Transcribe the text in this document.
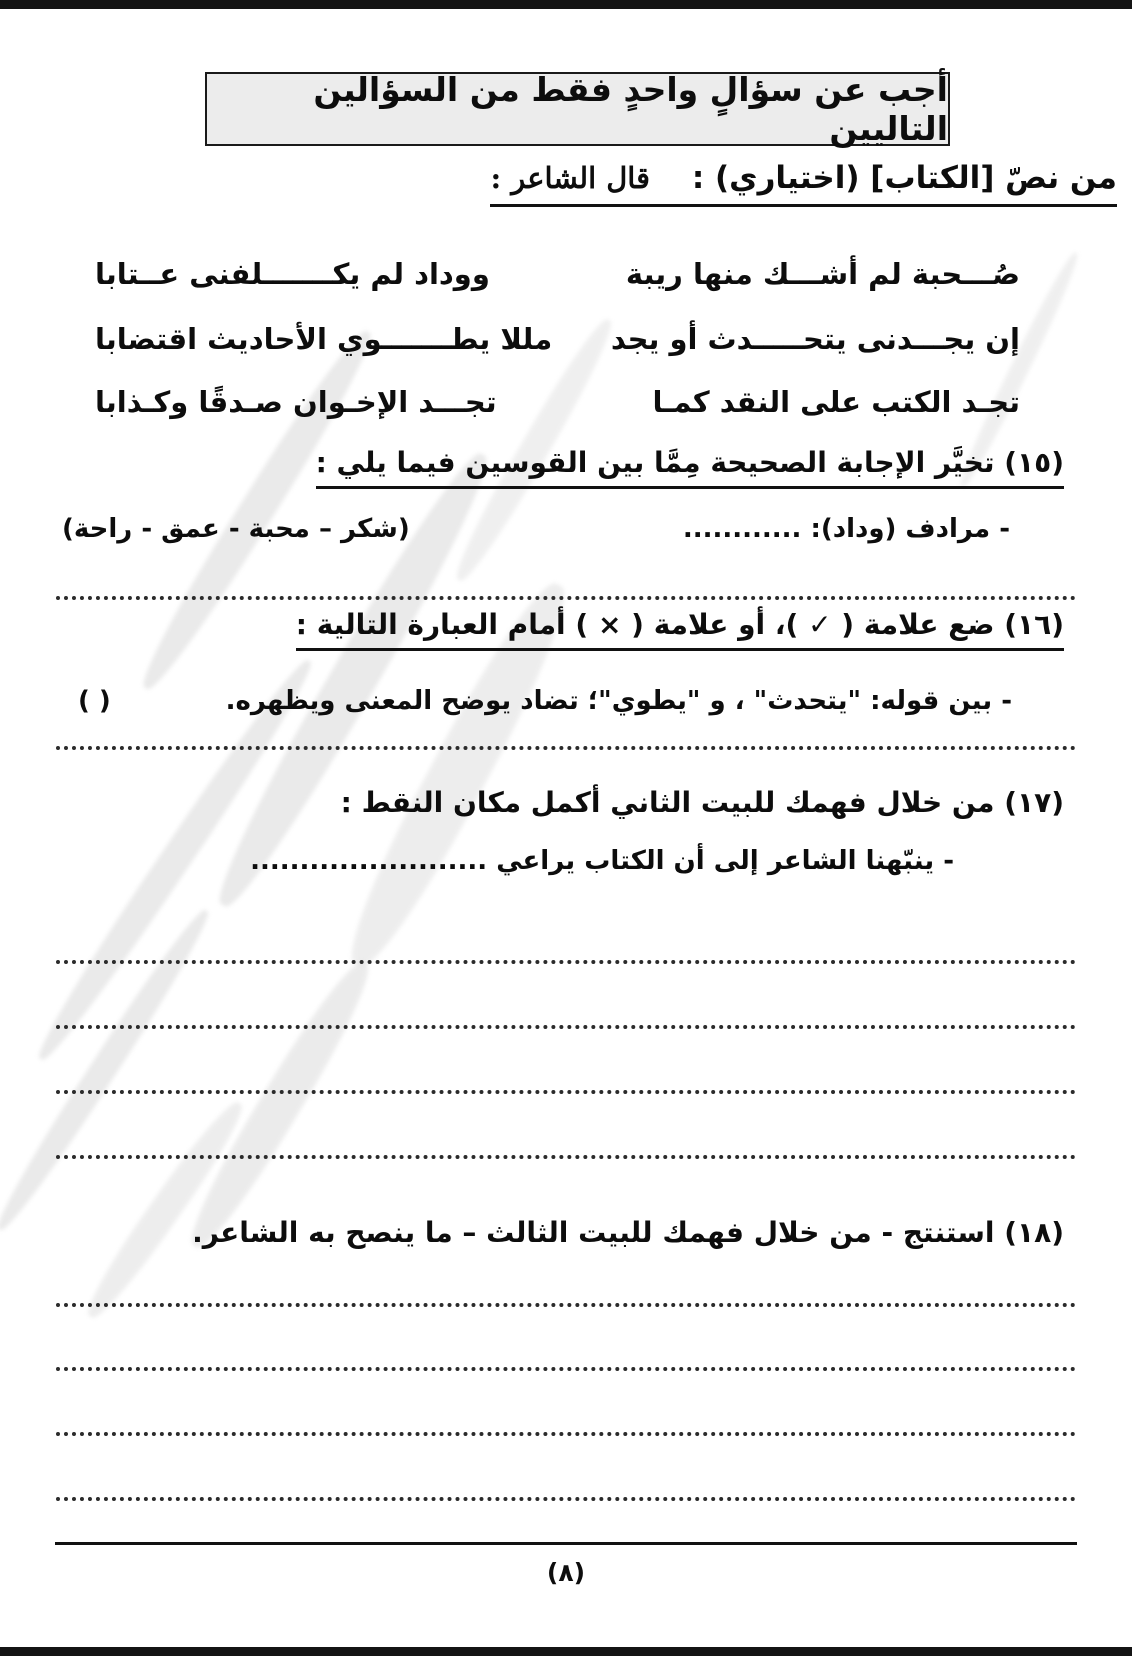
أجب عن سؤالٍ واحدٍ فقط من السؤالين التاليين
من نصّ [الكتاب] (اختياري) :    قال الشاعر :
صُـــحبة لم أشـــك منها ريبة
ووداد لم يكـــــــلفنى عــتابا
إن يجـــدنى يتحـــــدث أو يجد
مللا يطـــــــوي الأحاديث اقتضابا
تجـد الكتب على النقد كمـا
تجـــد الإخـوان صـدقًا وكـذابا
(١٥) تخيَّر الإجابة الصحيحة مِمَّا بين القوسين فيما يلي :
- مرادف (وداد): ............
(شكر – محبة - عمق - راحة)
(١٦) ضع علامة ( ✓ )، أو علامة ( × ) أمام العبارة التالية :
- بين قوله: "يتحدث" ، و "يطوي"؛ تضاد يوضح المعنى ويظهره.
( )
(١٧) من خلال فهمك للبيت الثاني أكمل مكان النقط :
- ينبّهنا الشاعر إلى أن الكتاب يراعي ........................
(١٨) استنتج - من خلال فهمك للبيت الثالث – ما ينصح به الشاعر.
(٨)
